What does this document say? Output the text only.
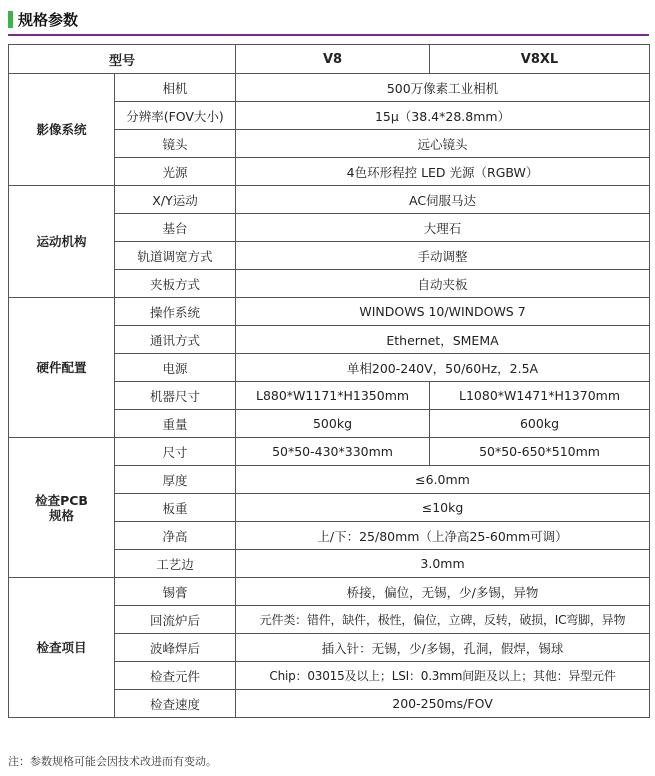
规格参数
型号		V8	V8XL
影像系统	相机	500万像素工业相机	
	分辨率(FOV大小)	15μ（38.4*28.8mm）	
	镜头	远心镜头	
	光源	4色环形程控 LED 光源（RGBW）	
运动机构	X/Y运动	AC伺服马达	
	基台	大理石	
	轨道调宽方式	手动调整	
	夹板方式	自动夹板	
硬件配置	操作系统	WINDOWS 10/WINDOWS 7	
	通讯方式	Ethernet，SMEMA	
	电源	单相200-240V，50/60Hz，2.5A	
	机器尺寸	L880*W1171*H1350mm	L1080*W1471*H1370mm
	重量	500kg	600kg
检查PCB规格	尺寸	50*50-430*330mm	50*50-650*510mm
	厚度	≤6.0mm	
	板重	≤10kg	
	净高	上/下：25/80mm（上净高25-60mm可调）	
	工艺边	3.0mm	
检查项目	锡膏	桥接，偏位，无锡，少/多锡，异物	
	回流炉后	元件类：错件，缺件，极性，偏位，立碑，反转，破损，IC弯脚，异物	
	波峰焊后	插入针：无锡，少/多锡，孔洞，假焊，锡球	
	检查元件	Chip：03015及以上；LSI：0.3mm间距及以上；其他：异型元件	
	检查速度	200-250ms/FOV	
注：参数规格可能会因技术改进而有变动。
